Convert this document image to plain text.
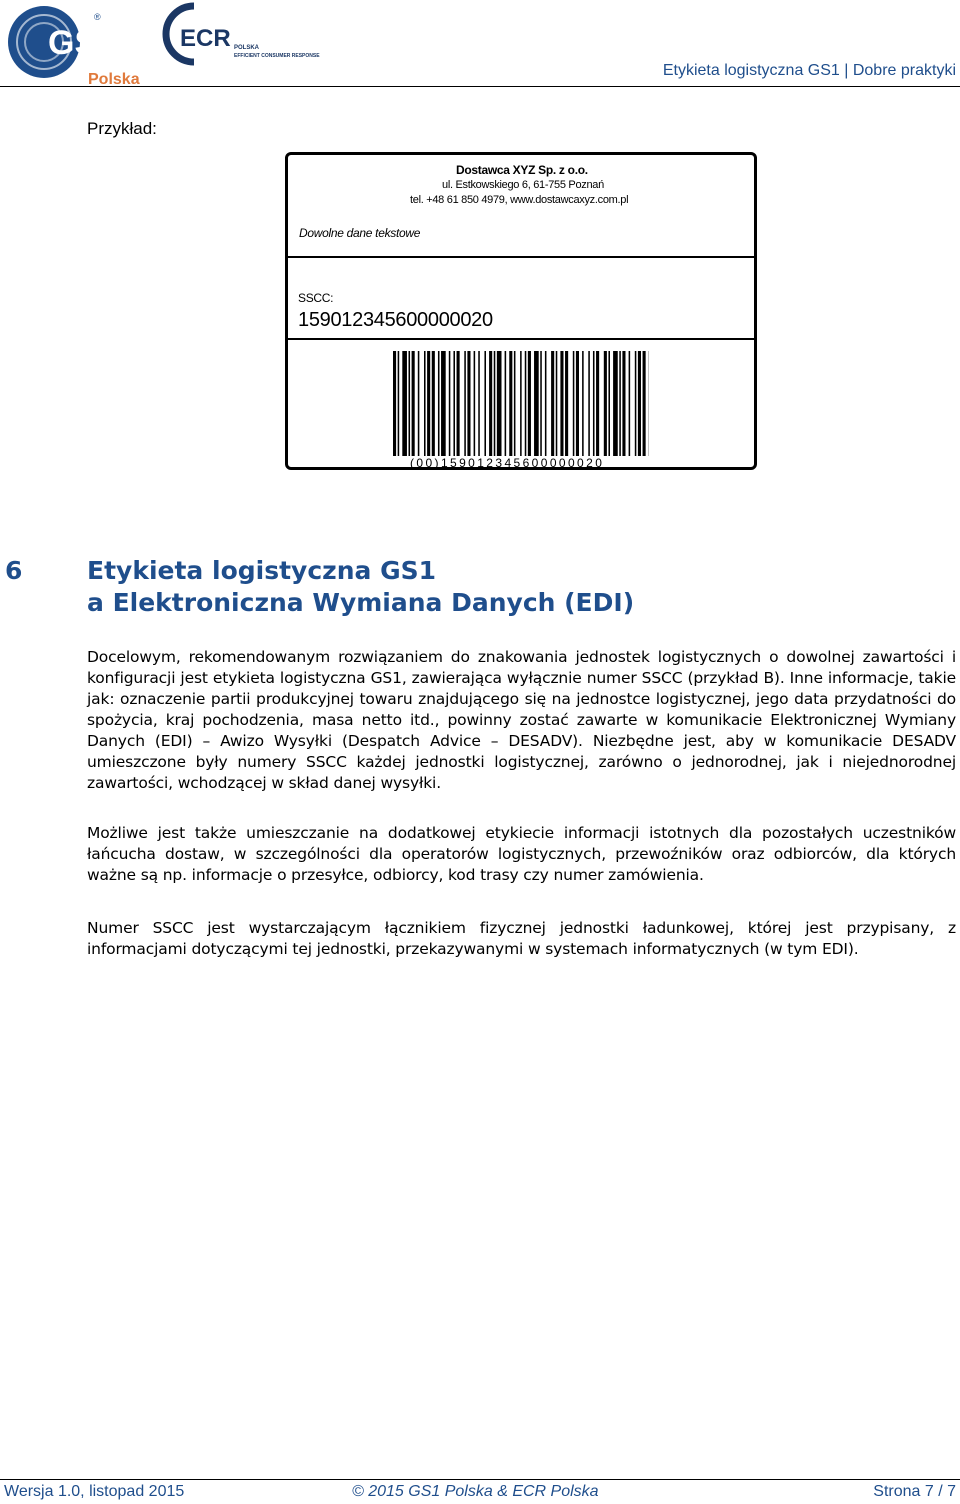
GS1
®
Polska
ECR POLSKA
EFFICIENT CONSUMER RESPONSE
Etykieta logistyczna GS1 | Dobre praktyki
Przykład:
Dostawca XYZ Sp. z o.o.
ul. Estkowskiego 6, 61-755 Poznań
tel. +48 61 850 4979, www.dostawcaxyz.com.pl
Dowolne dane tekstowe
SSCC:
159012345600000020
(00)159012345600000020
6	Etykieta logistyczna GS1
a Elektroniczna Wymiana Danych (EDI)

Docelowym, rekomendowanym rozwiązaniem do znakowania jednostek logistycznych o dowolnej zawartości i konfiguracji jest etykieta logistyczna GS1, zawierająca wyłącznie numer SSCC (przykład B). Inne informacje, takie jak: oznaczenie partii produkcyjnej towaru znajdującego się na jednostce logistycznej, jego data przydatności do spożycia, kraj pochodzenia, masa netto itd., powinny zostać zawarte w komunikacie Elektronicznej Wymiany Danych (EDI) – Awizo Wysyłki (Despatch Advice – DESADV). Niezbędne jest, aby w komunikacie DESADV umieszczone były numery SSCC każdej jednostki logistycznej, zarówno o jednorodnej, jak i niejednorodnej zawartości, wchodzącej w skład danej wysyłki.

Możliwe jest także umieszczanie na dodatkowej etykiecie informacji istotnych dla pozostałych uczestników łańcucha dostaw, w szczególności dla operatorów logistycznych, przewoźników oraz odbiorców, dla których ważne są np. informacje o przesyłce, odbiorcy, kod trasy czy numer zamówienia.

Numer SSCC jest wystarczającym łącznikiem fizycznej jednostki ładunkowej, której jest przypisany, z informacjami dotyczącymi tej jednostki, przekazywanymi w systemach informatycznych (w tym EDI).

Wersja 1.0, listopad 2015	© 2015 GS1 Polska & ECR Polska	Strona 7 / 7
